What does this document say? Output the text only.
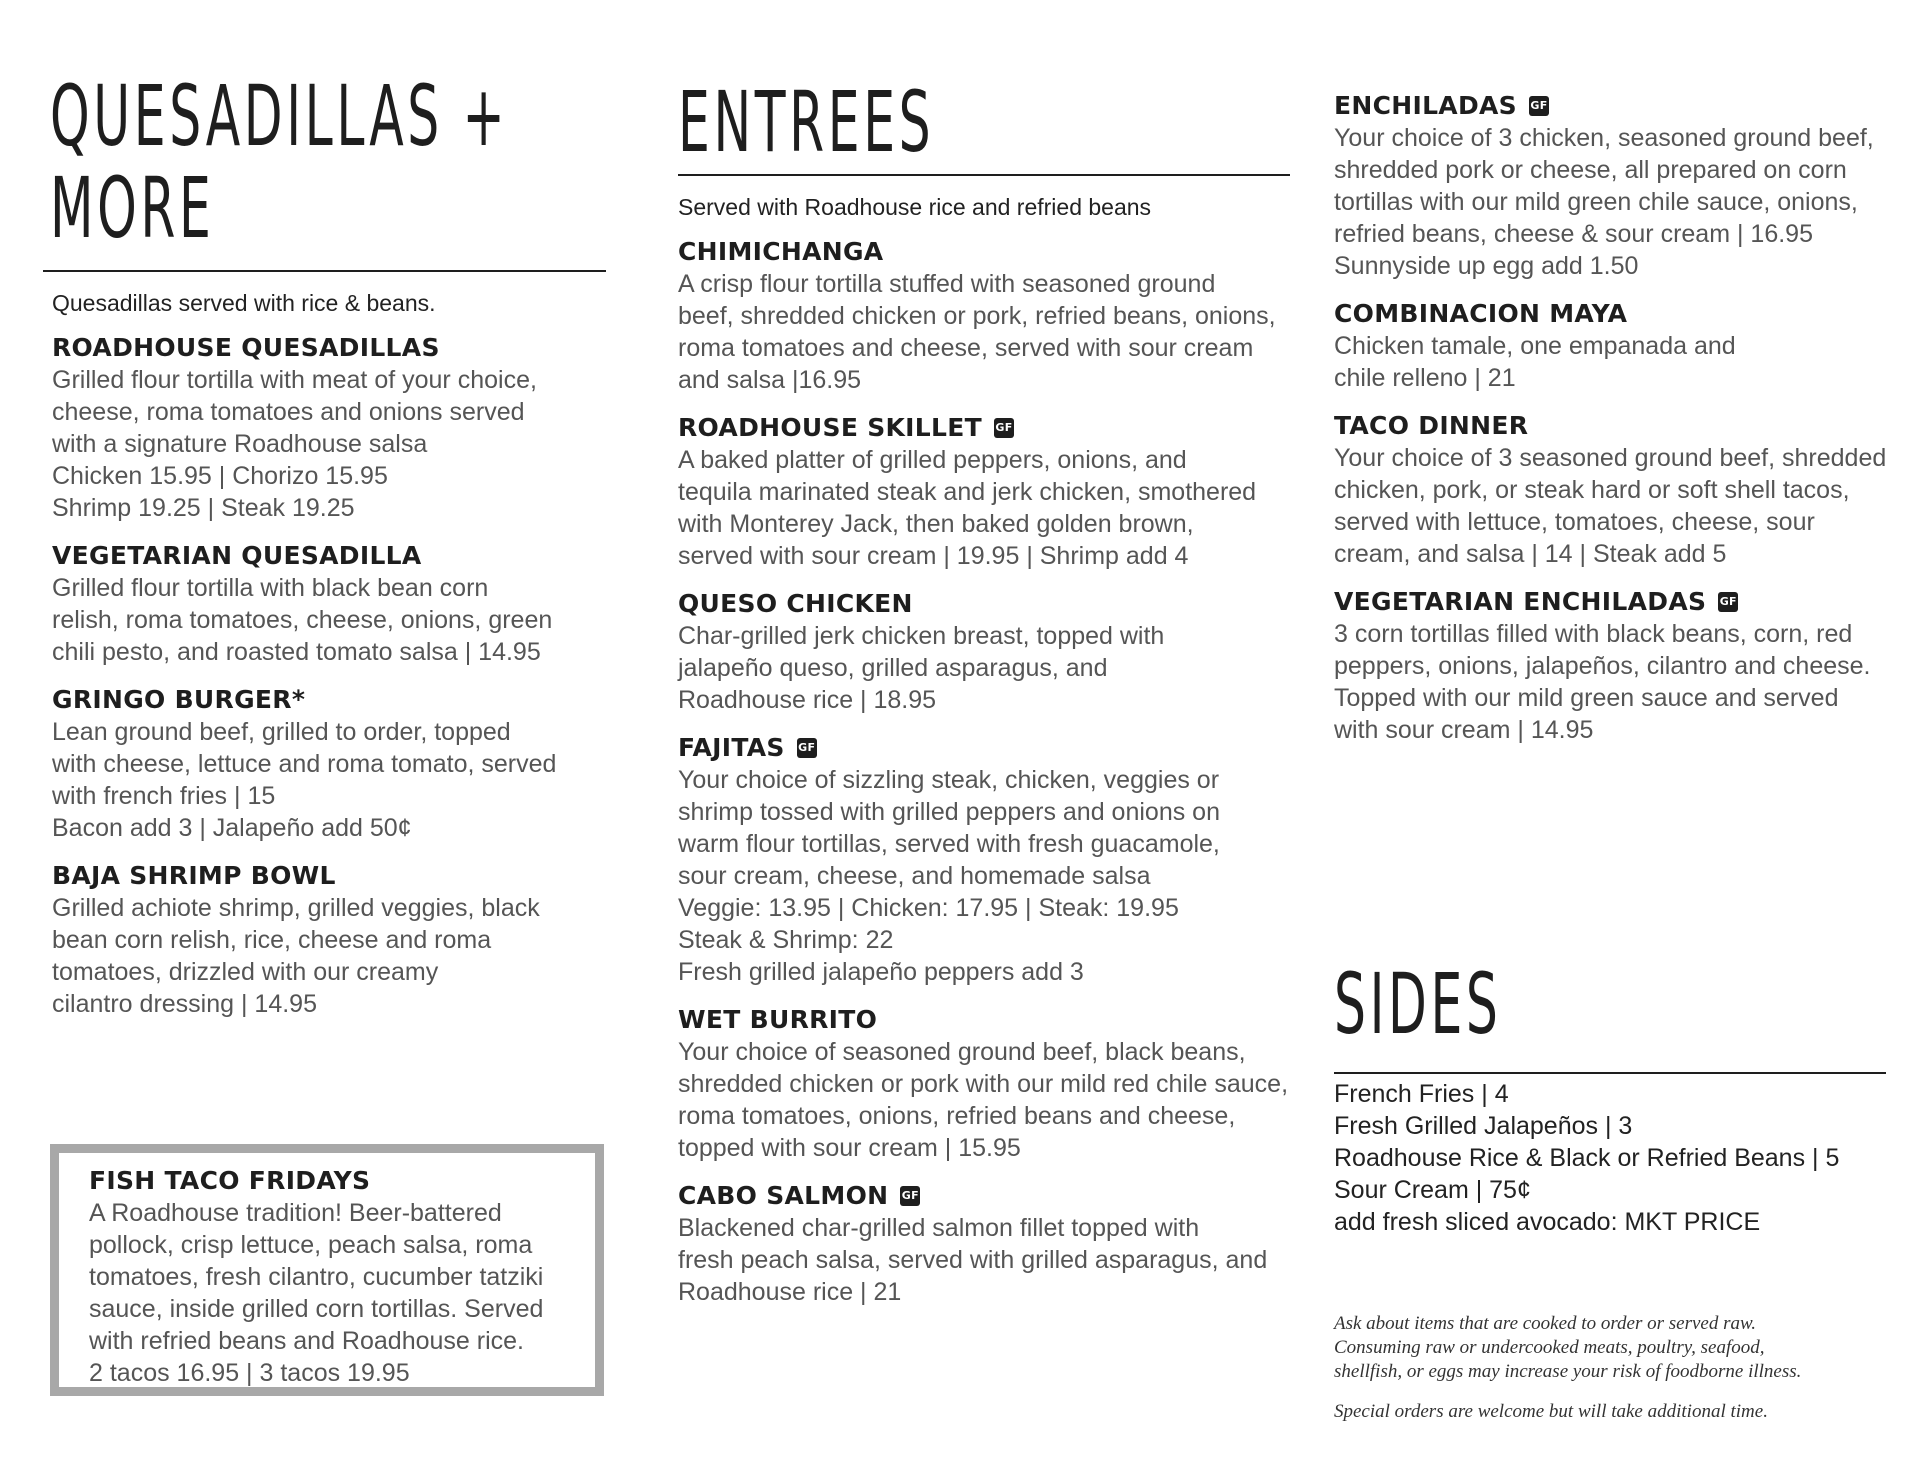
QUESADILLAS +
MORE
Quesadillas served with rice & beans.
ROADHOUSE QUESADILLAS
Grilled flour tortilla with meat of your choice,
cheese, roma tomatoes and onions served
with a signature Roadhouse salsa
Chicken 15.95 | Chorizo 15.95
Shrimp 19.25 | Steak 19.25
VEGETARIAN QUESADILLA
Grilled flour tortilla with black bean corn
relish, roma tomatoes, cheese, onions, green
chili pesto, and roasted tomato salsa | 14.95
GRINGO BURGER*
Lean ground beef, grilled to order, topped
with cheese, lettuce and roma tomato, served
with french fries | 15
Bacon add 3 | Jalapeño add 50¢
BAJA SHRIMP BOWL
Grilled achiote shrimp, grilled veggies, black
bean corn relish, rice, cheese and roma
tomatoes, drizzled with our creamy
cilantro dressing | 14.95
FISH TACO FRIDAYS
A Roadhouse tradition! Beer-battered
pollock, crisp lettuce, peach salsa, roma
tomatoes, fresh cilantro, cucumber tatziki
sauce, inside grilled corn tortillas. Served
with refried beans and Roadhouse rice.
2 tacos 16.95 | 3 tacos 19.95
ENTREES
Served with Roadhouse rice and refried beans
CHIMICHANGA
A crisp flour tortilla stuffed with seasoned ground
beef, shredded chicken or pork, refried beans, onions,
roma tomatoes and cheese, served with sour cream
and salsa |16.95
ROADHOUSE SKILLET GF
A baked platter of grilled peppers, onions, and
tequila marinated steak and jerk chicken, smothered
with Monterey Jack, then baked golden brown,
served with sour cream | 19.95 | Shrimp add 4
QUESO CHICKEN
Char-grilled jerk chicken breast, topped with
jalapeño queso, grilled asparagus, and
Roadhouse rice | 18.95
FAJITAS GF
Your choice of sizzling steak, chicken, veggies or
shrimp tossed with grilled peppers and onions on
warm flour tortillas, served with fresh guacamole,
sour cream, cheese, and homemade salsa
Veggie: 13.95 | Chicken: 17.95 | Steak: 19.95
Steak & Shrimp: 22
Fresh grilled jalapeño peppers add 3
WET BURRITO
Your choice of seasoned ground beef, black beans,
shredded chicken or pork with our mild red chile sauce,
roma tomatoes, onions, refried beans and cheese,
topped with sour cream | 15.95
CABO SALMON GF
Blackened char-grilled salmon fillet topped with
fresh peach salsa, served with grilled asparagus, and
Roadhouse rice | 21
ENCHILADAS GF
Your choice of 3 chicken, seasoned ground beef,
shredded pork or cheese, all prepared on corn
tortillas with our mild green chile sauce, onions,
refried beans, cheese & sour cream | 16.95
Sunnyside up egg add 1.50
COMBINACION MAYA
Chicken tamale, one empanada and
chile relleno | 21
TACO DINNER
Your choice of 3 seasoned ground beef, shredded
chicken, pork, or steak hard or soft shell tacos,
served with lettuce, tomatoes, cheese, sour
cream, and salsa | 14 | Steak add 5
VEGETARIAN ENCHILADAS GF
3 corn tortillas filled with black beans, corn, red
peppers, onions, jalapeños, cilantro and cheese.
Topped with our mild green sauce and served
with sour cream | 14.95
SIDES
French Fries | 4
Fresh Grilled Jalapeños | 3
Roadhouse Rice & Black or Refried Beans | 5
Sour Cream | 75¢
add fresh sliced avocado: MKT PRICE
Ask about items that are cooked to order or served raw.
Consuming raw or undercooked meats, poultry, seafood,
shellfish, or eggs may increase your risk of foodborne illness.
Special orders are welcome but will take additional time.
